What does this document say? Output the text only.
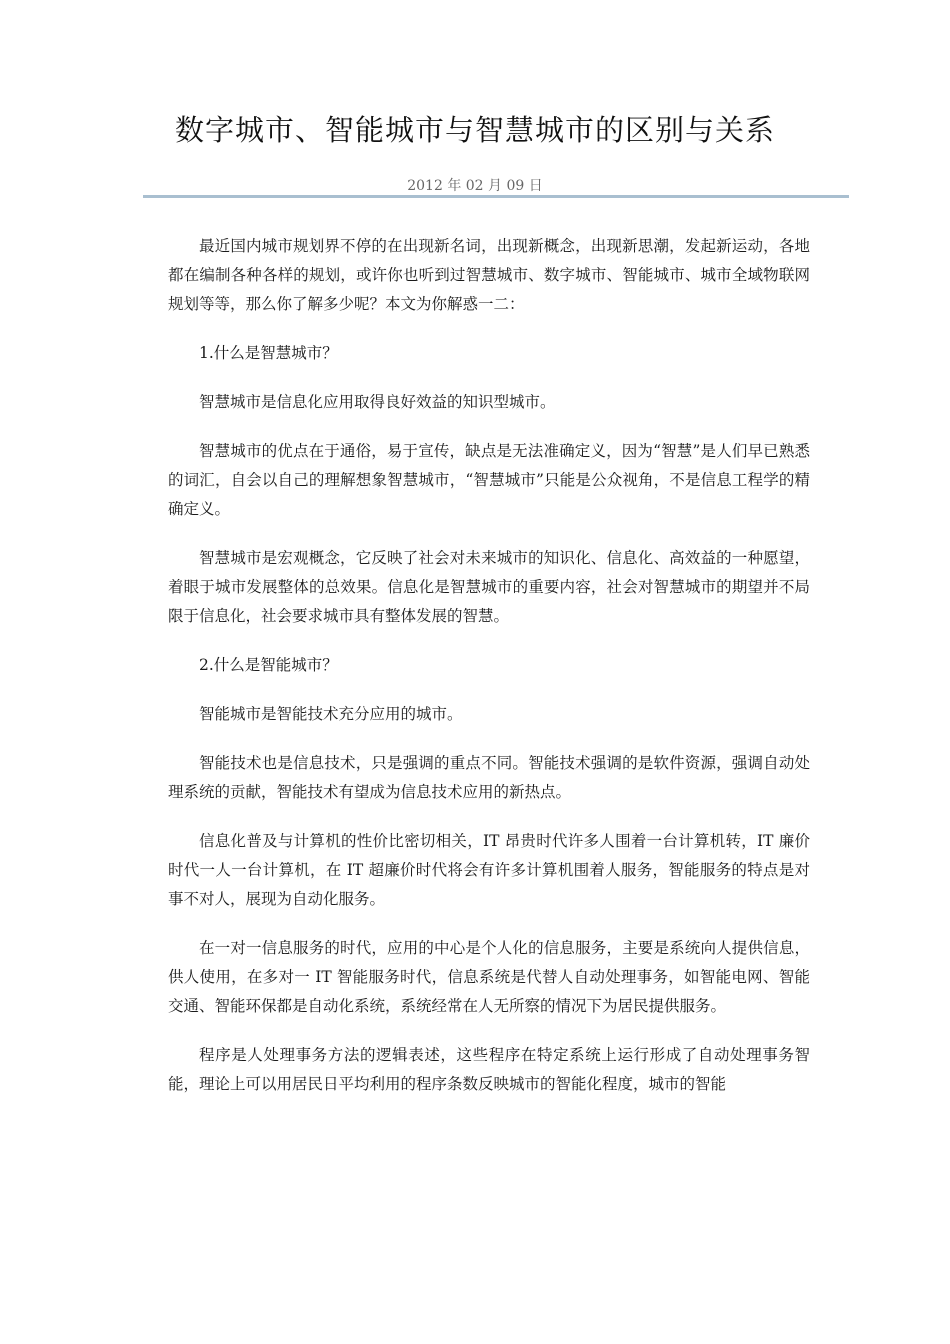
数字城市、智能城市与智慧城市的区别与关系
2012 年 02 月 09 日

最近国内城市规划界不停的在出现新名词，出现新概念，出现新思潮，发起新运动，各地都在编制各种各样的规划，或许你也听到过智慧城市、数字城市、智能城市、城市全域物联网规划等等，那么你了解多少呢？本文为你解惑一二：

1.什么是智慧城市？

智慧城市是信息化应用取得良好效益的知识型城市。

智慧城市的优点在于通俗，易于宣传，缺点是无法准确定义，因为“智慧”是人们早已熟悉的词汇，自会以自己的理解想象智慧城市，“智慧城市”只能是公众视角，不是信息工程学的精确定义。

智慧城市是宏观概念，它反映了社会对未来城市的知识化、信息化、高效益的一种愿望，着眼于城市发展整体的总效果。信息化是智慧城市的重要内容，社会对智慧城市的期望并不局限于信息化，社会要求城市具有整体发展的智慧。

2.什么是智能城市？

智能城市是智能技术充分应用的城市。

智能技术也是信息技术，只是强调的重点不同。智能技术强调的是软件资源，强调自动处理系统的贡献，智能技术有望成为信息技术应用的新热点。

信息化普及与计算机的性价比密切相关，IT 昂贵时代许多人围着一台计算机转，IT 廉价时代一人一台计算机，在 IT 超廉价时代将会有许多计算机围着人服务，智能服务的特点是对事不对人，展现为自动化服务。

在一对一信息服务的时代，应用的中心是个人化的信息服务，主要是系统向人提供信息，供人使用，在多对一 IT 智能服务时代，信息系统是代替人自动处理事务，如智能电网、智能交通、智能环保都是自动化系统，系统经常在人无所察的情况下为居民提供服务。

程序是人处理事务方法的逻辑表述，这些程序在特定系统上运行形成了自动处理事务智能，理论上可以用居民日平均利用的程序条数反映城市的智能化程度，城市的智能
